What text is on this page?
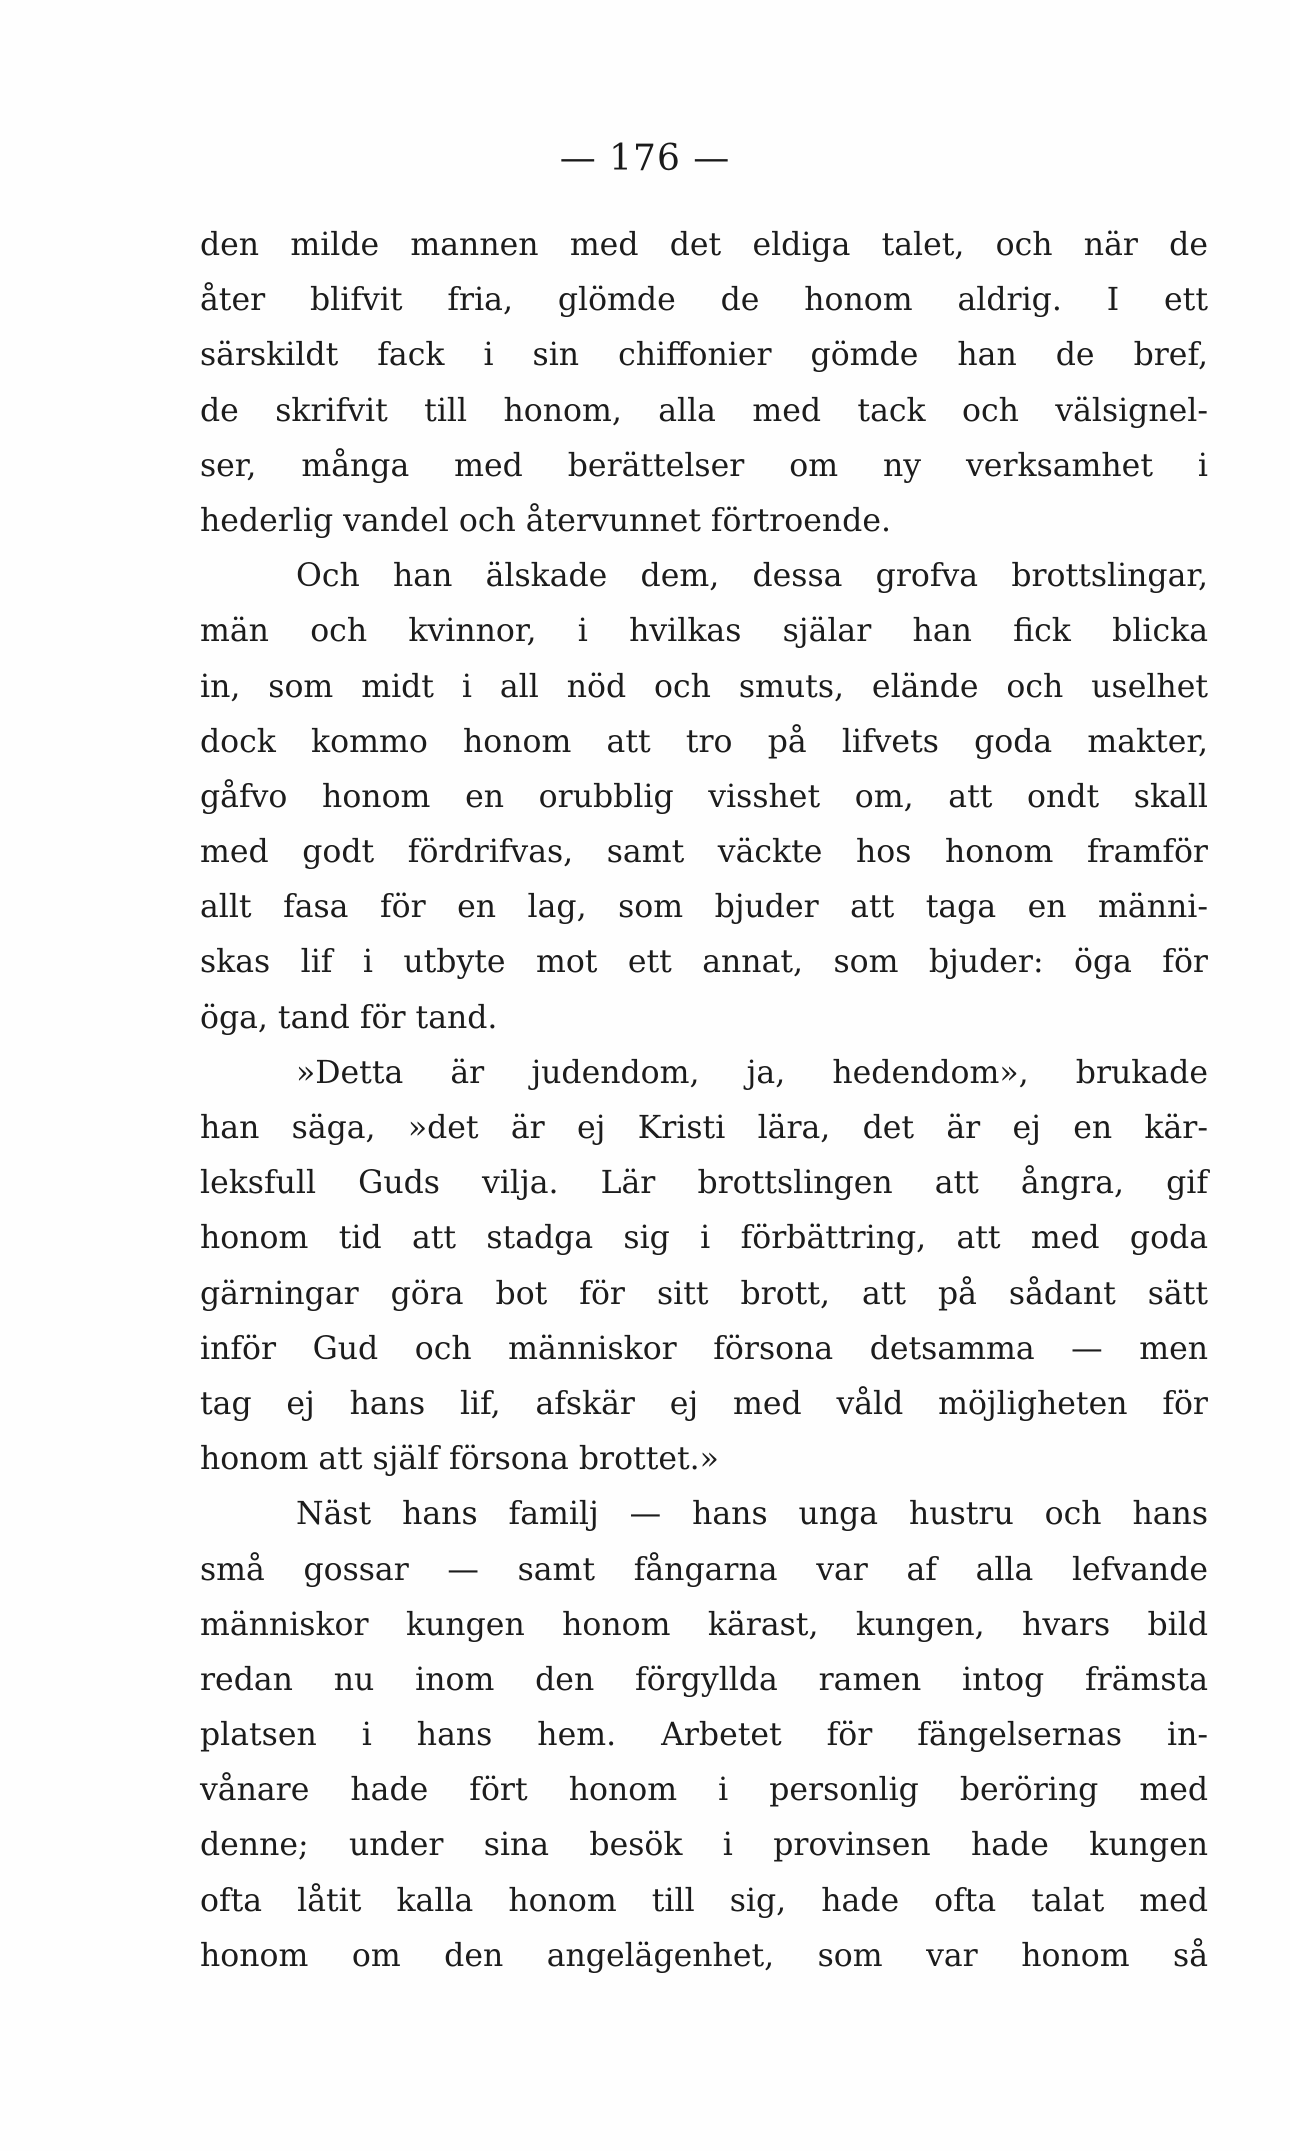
— 176 —
den milde mannen med det eldiga talet, och när de
åter blifvit fria, glömde de honom aldrig. I ett
särskildt fack i sin chiffonier gömde han de bref,
de skrifvit till honom, alla med tack och välsignel-
ser, många med berättelser om ny verksamhet i
hederlig vandel och återvunnet förtroende.
Och han älskade dem, dessa grofva brottslingar,
män och kvinnor, i hvilkas själar han fick blicka
in, som midt i all nöd och smuts, elände och uselhet
dock kommo honom att tro på lifvets goda makter,
gåfvo honom en orubblig visshet om, att ondt skall
med godt fördrifvas, samt väckte hos honom framför
allt fasa för en lag, som bjuder att taga en männi-
skas lif i utbyte mot ett annat, som bjuder: öga för
öga, tand för tand.
»Detta är judendom, ja, hedendom», brukade
han säga, »det är ej Kristi lära, det är ej en kär-
leksfull Guds vilja. Lär brottslingen att ångra, gif
honom tid att stadga sig i förbättring, att med goda
gärningar göra bot för sitt brott, att på sådant sätt
inför Gud och människor försona detsamma — men
tag ej hans lif, afskär ej med våld möjligheten för
honom att själf försona brottet.»
Näst hans familj — hans unga hustru och hans
små gossar — samt fångarna var af alla lefvande
människor kungen honom kärast, kungen, hvars bild
redan nu inom den förgyllda ramen intog främsta
platsen i hans hem. Arbetet för fängelsernas in-
vånare hade fört honom i personlig beröring med
denne; under sina besök i provinsen hade kungen
ofta låtit kalla honom till sig, hade ofta talat med
honom om den angelägenhet, som var honom så
